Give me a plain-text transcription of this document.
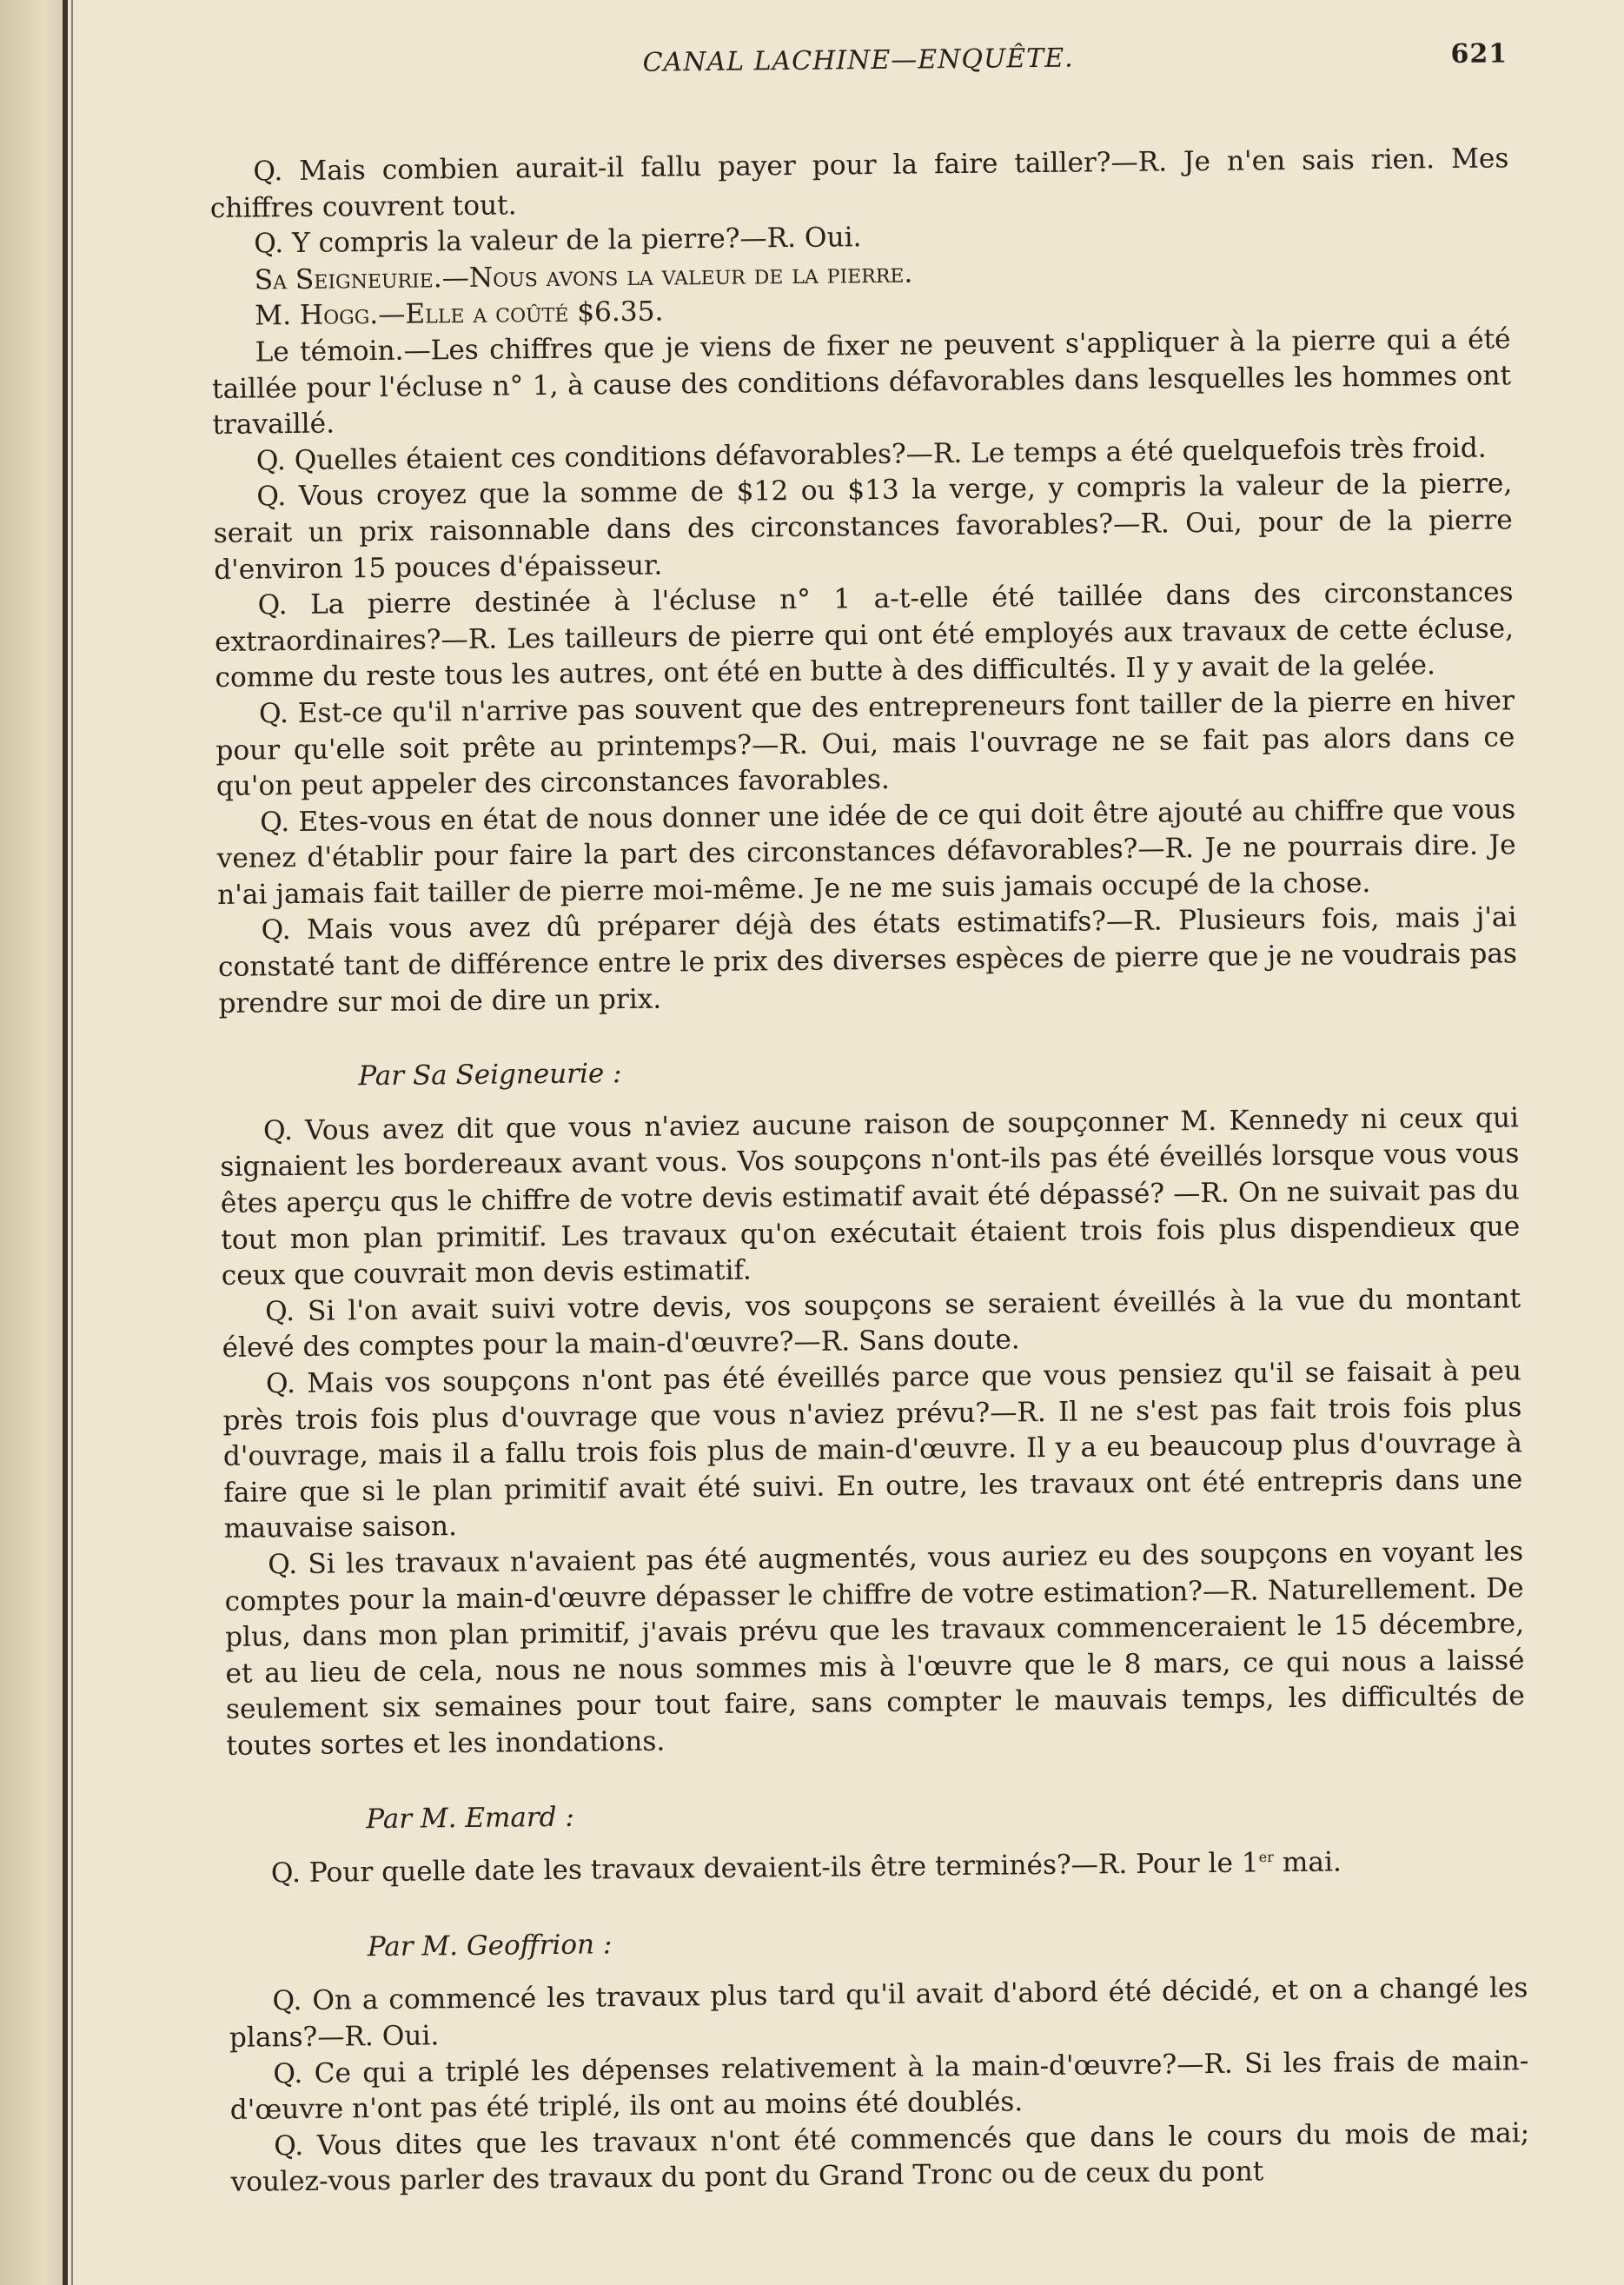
CANAL LACHINE—ENQUÊTE.	621

Q. Mais combien aurait-il fallu payer pour la faire tailler?—R. Je n'en sais rien. Mes chiffres couvrent tout.

Q. Y compris la valeur de la pierre?—R. Oui.

Sa Seigneurie.—Nous avons la valeur de la pierre.

M. Hogg.—Elle a coûté $6.35.

Le témoin.—Les chiffres que je viens de fixer ne peuvent s'appliquer à la pierre qui a été taillée pour l'écluse n° 1, à cause des conditions défavorables dans lesquelles les hommes ont travaillé.

Q. Quelles étaient ces conditions défavorables?—R. Le temps a été quelquefois très froid.

Q. Vous croyez que la somme de $12 ou $13 la verge, y compris la valeur de la pierre, serait un prix raisonnable dans des circonstances favorables?—R. Oui, pour de la pierre d'environ 15 pouces d'épaisseur.

Q. La pierre destinée à l'écluse n° 1 a-t-elle été taillée dans des circonstances extraordinaires?—R. Les tailleurs de pierre qui ont été employés aux travaux de cette écluse, comme du reste tous les autres, ont été en butte à des difficultés. Il y y avait de la gelée.

Q. Est-ce qu'il n'arrive pas souvent que des entrepreneurs font tailler de la pierre en hiver pour qu'elle soit prête au printemps?—R. Oui, mais l'ouvrage ne se fait pas alors dans ce qu'on peut appeler des circonstances favorables.

Q. Etes-vous en état de nous donner une idée de ce qui doit être ajouté au chiffre que vous venez d'établir pour faire la part des circonstances défavorables?—R. Je ne pourrais dire. Je n'ai jamais fait tailler de pierre moi-même. Je ne me suis jamais occupé de la chose.

Q. Mais vous avez dû préparer déjà des états estimatifs?—R. Plusieurs fois, mais j'ai constaté tant de différence entre le prix des diverses espèces de pierre que je ne voudrais pas prendre sur moi de dire un prix.

Par Sa Seigneurie :

Q. Vous avez dit que vous n'aviez aucune raison de soupçonner M. Kennedy ni ceux qui signaient les bordereaux avant vous. Vos soupçons n'ont-ils pas été éveillés lorsque vous vous êtes aperçu qus le chiffre de votre devis estimatif avait été dépassé? —R. On ne suivait pas du tout mon plan primitif. Les travaux qu'on exécutait étaient trois fois plus dispendieux que ceux que couvrait mon devis estimatif.

Q. Si l'on avait suivi votre devis, vos soupçons se seraient éveillés à la vue du montant élevé des comptes pour la main-d'œuvre?—R. Sans doute.

Q. Mais vos soupçons n'ont pas été éveillés parce que vous pensiez qu'il se faisait à peu près trois fois plus d'ouvrage que vous n'aviez prévu?—R. Il ne s'est pas fait trois fois plus d'ouvrage, mais il a fallu trois fois plus de main-d'œuvre. Il y a eu beaucoup plus d'ouvrage à faire que si le plan primitif avait été suivi. En outre, les travaux ont été entrepris dans une mauvaise saison.

Q. Si les travaux n'avaient pas été augmentés, vous auriez eu des soupçons en voyant les comptes pour la main-d'œuvre dépasser le chiffre de votre estimation?—R. Naturellement. De plus, dans mon plan primitif, j'avais prévu que les travaux commenceraient le 15 décembre, et au lieu de cela, nous ne nous sommes mis à l'œuvre que le 8 mars, ce qui nous a laissé seulement six semaines pour tout faire, sans compter le mauvais temps, les difficultés de toutes sortes et les inondations.

Par M. Emard :

Q. Pour quelle date les travaux devaient-ils être terminés?—R. Pour le 1er mai.

Par M. Geoffrion :

Q. On a commencé les travaux plus tard qu'il avait d'abord été décidé, et on a changé les plans?—R. Oui.

Q. Ce qui a triplé les dépenses relativement à la main-d'œuvre?—R. Si les frais de main-d'œuvre n'ont pas été triplé, ils ont au moins été doublés.

Q. Vous dites que les travaux n'ont été commencés que dans le cours du mois de mai; voulez-vous parler des travaux du pont du Grand Tronc ou de ceux du pont
